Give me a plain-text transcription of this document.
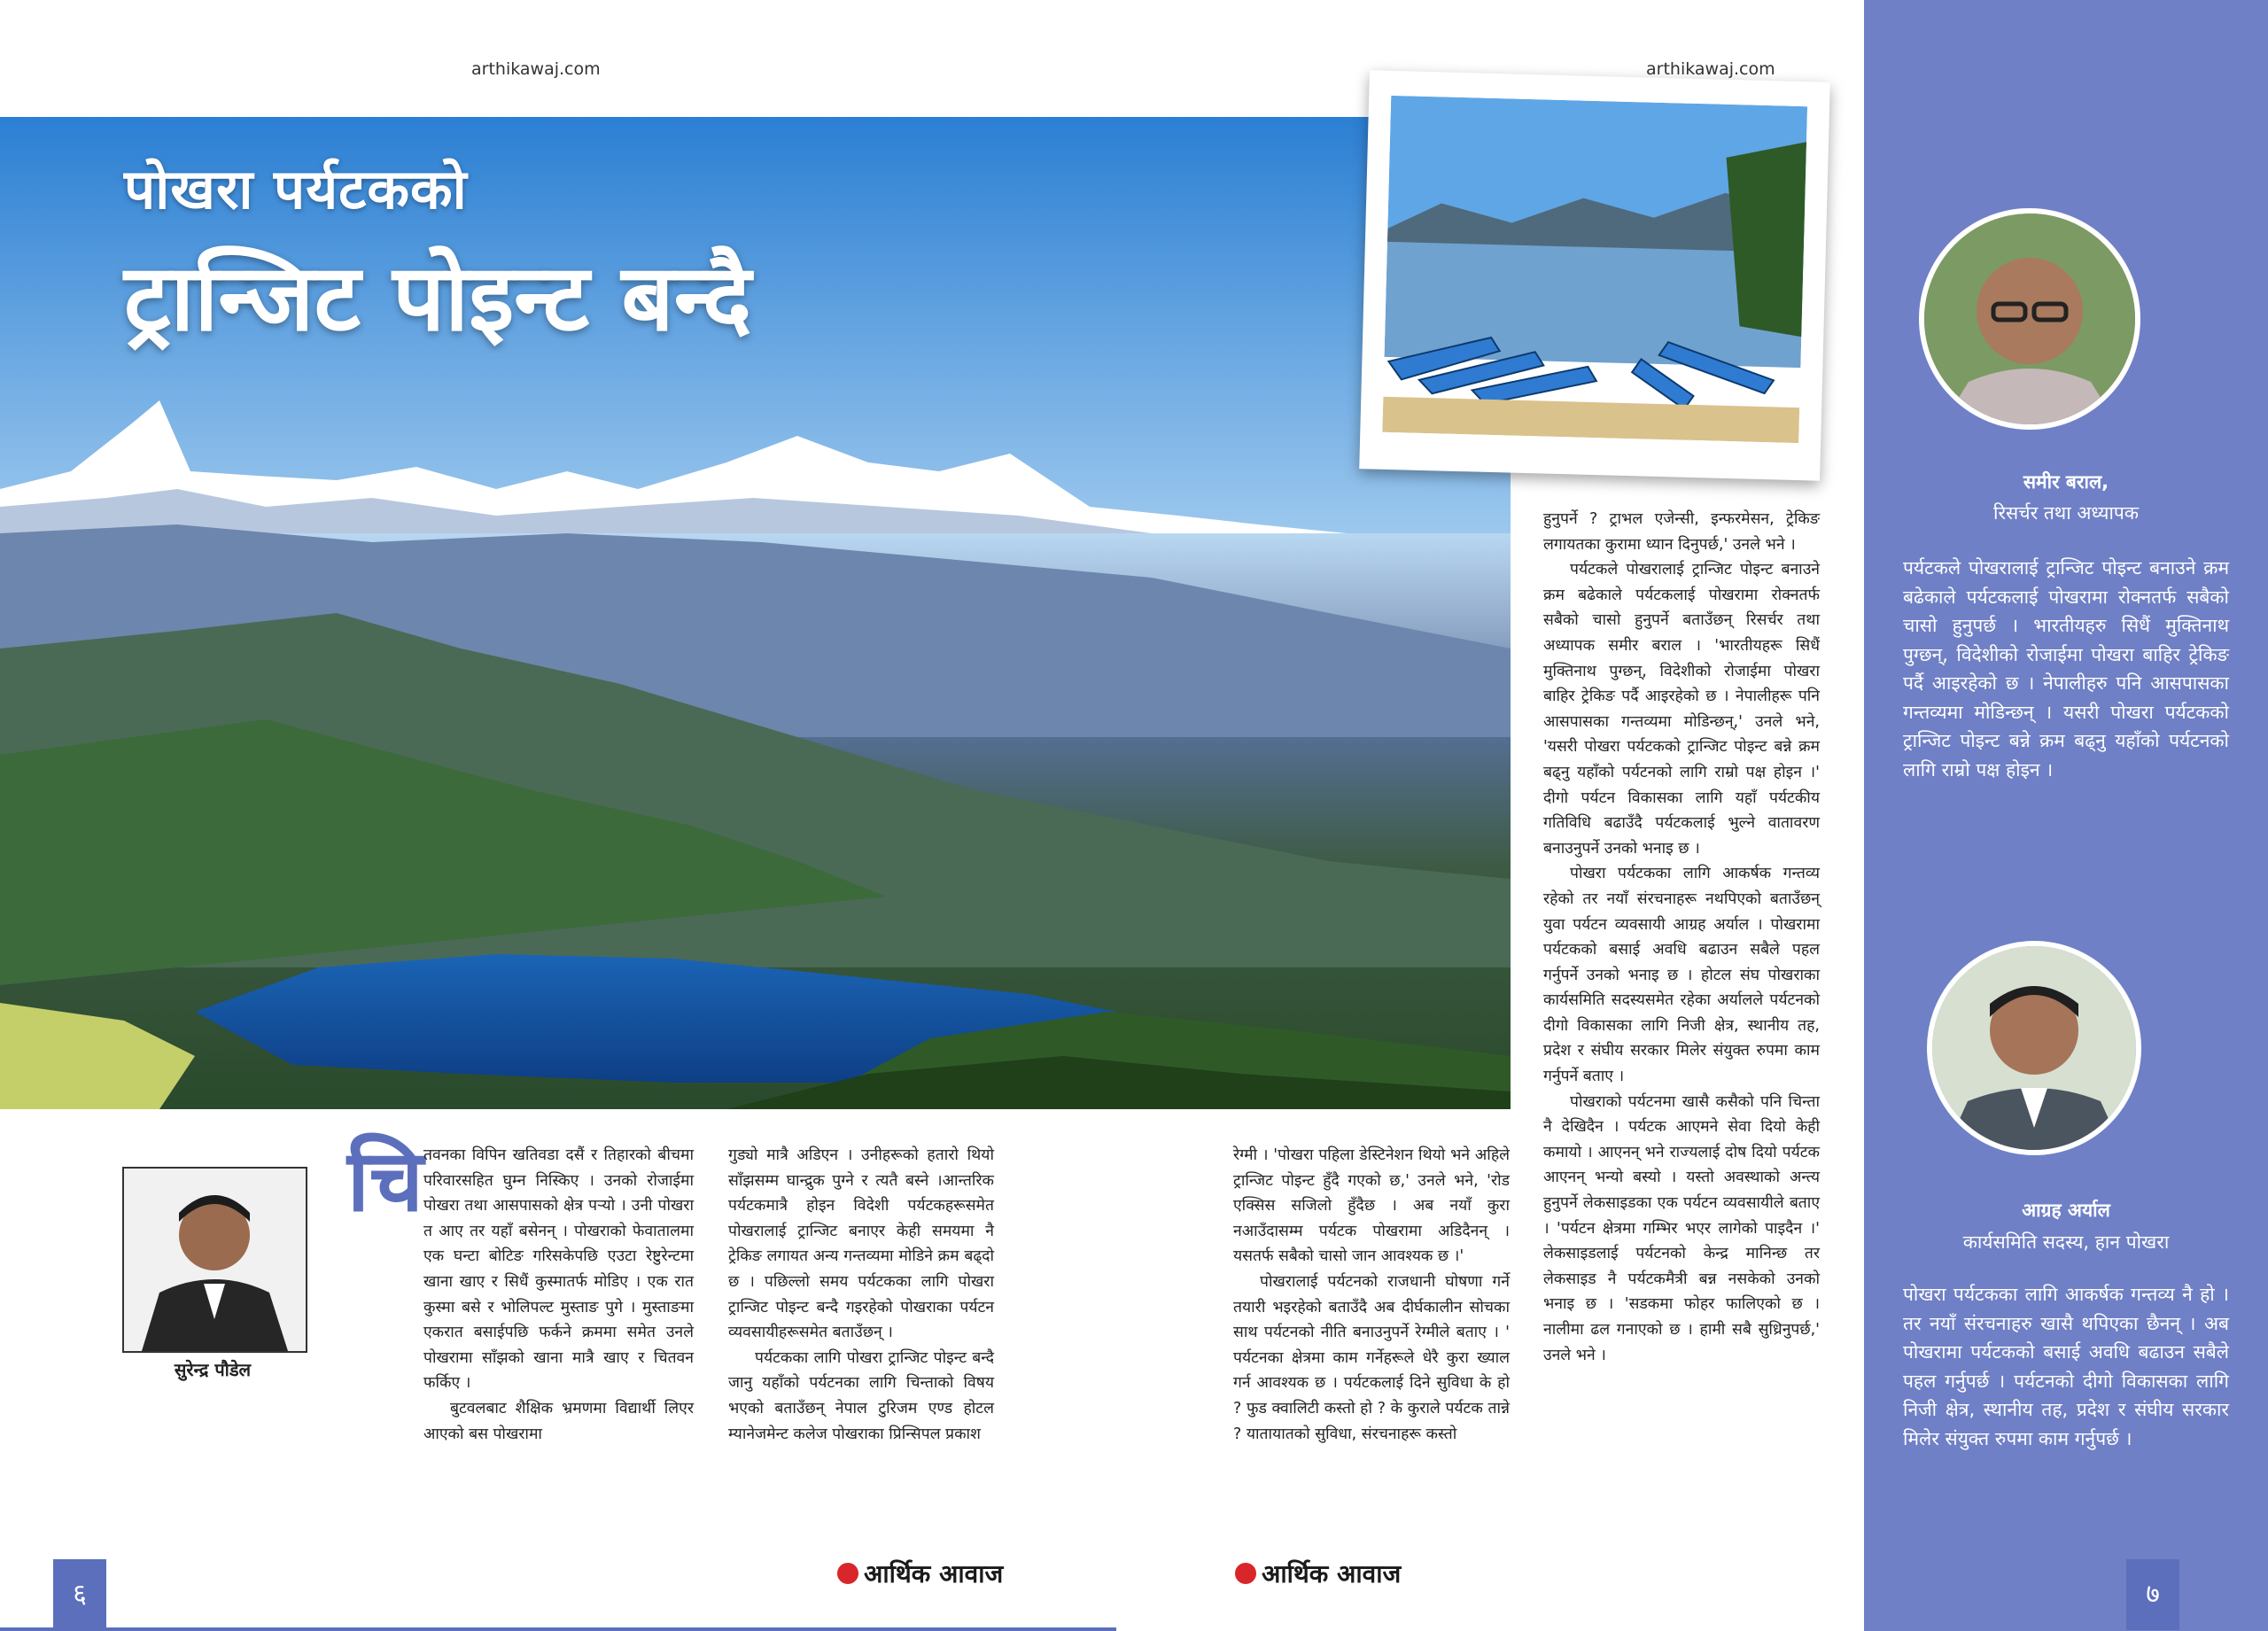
arthikawaj.com	arthikawaj.com
पोखरा पर्यटकको
ट्रान्जिट पोइन्ट बन्दै
सुरेन्द्र पौडेल
चि तवनका विपिन खतिवडा दसैं र तिहारको बीचमा परिवारसहित घुम्न निस्किए । उनको रोजाईमा पोखरा तथा आसपासको क्षेत्र पर्‍यो । उनी पोखरा त आए तर यहाँ बसेनन् । पोखराको फेवातालमा एक घन्टा बोटिङ गरिसकेपछि एउटा रेष्टुरेन्टमा खाना खाए र सिधैं कुस्मातर्फ मोडिए । एक रात कुस्मा बसे र भोलिपल्ट मुस्ताङ पुगे । मुस्ताङमा एकरात बसाईपछि फर्कने क्रममा समेत उनले पोखरामा साँझको खाना मात्रै खाए र चितवन फर्किए ।

बुटवलबाट शैक्षिक भ्रमणमा विद्यार्थी लिएर आएको बस पोखरामा

गुड्यो मात्रै अडिएन । उनीहरूको हतारो थियो साँझसम्म घान्द्रुक पुग्ने र त्यतै बस्ने ।आन्तरिक पर्यटकमात्रै होइन विदेशी पर्यटकहरूसमेत पोखरालाई ट्रान्जिट बनाएर केही समयमा नै ट्रेकिङ लगायत अन्य गन्तव्यमा मोडिने क्रम बढ्दो छ । पछिल्लो समय पर्यटकका लागि पोखरा ट्रान्जिट पोइन्ट बन्दै गइरहेको पोखराका पर्यटन व्यवसायीहरूसमेत बताउँछन् ।

पर्यटकका लागि पोखरा ट्रान्जिट पोइन्ट बन्दै जानु यहाँको पर्यटनका लागि चिन्ताको विषय भएको बताउँछन् नेपाल टुरिजम एण्ड होटल म्यानेजमेन्ट कलेज पोखराका प्रिन्सिपल प्रकाश

रेग्मी । 'पोखरा पहिला डेस्टिनेशन थियो भने अहिले ट्रान्जिट पोइन्ट हुँदै गएको छ,' उनले भने, 'रोड एक्सिस सजिलो हुँदैछ । अब नयाँ कुरा नआउँदासम्म पर्यटक पोखरामा अडिदैनन् । यसतर्फ सबैको चासो जान आवश्यक छ ।'

पोखरालाई पर्यटनको राजधानी घोषणा गर्ने तयारी भइरहेको बताउँदै अब दीर्घकालीन सोचका साथ पर्यटनको नीति बनाउनुपर्ने रेग्मीले बताए । ' पर्यटनका क्षेत्रमा काम गर्नेहरूले धेरै कुरा ख्याल गर्न आवश्यक छ । पर्यटकलाई दिने सुविधा के हो ? फुड क्वालिटी कस्तो हो ? के कुराले पर्यटक तान्ने ? यातायातको सुविधा, संरचनाहरू कस्तो

हुनुपर्ने ? ट्राभल एजेन्सी, इन्फरमेसन, ट्रेकिङ लगायतका कुरामा ध्यान दिनुपर्छ,' उनले भने ।

पर्यटकले पोखरालाई ट्रान्जिट पोइन्ट बनाउने क्रम बढेकाले पर्यटकलाई पोखरामा रोक्नतर्फ सबैको चासो हुनुपर्ने बताउँछन् रिसर्चर तथा अध्यापक समीर बराल । 'भारतीयहरू सिधैं मुक्तिनाथ पुग्छन्, विदेशीको रोजाईमा पोखरा बाहिर ट्रेकिङ पर्दै आइरहेको छ । नेपालीहरू पनि आसपासका गन्तव्यमा मोडिन्छन्,' उनले भने, 'यसरी पोखरा पर्यटकको ट्रान्जिट पोइन्ट बन्ने क्रम बढ्नु यहाँको पर्यटनको लागि राम्रो पक्ष होइन ।' दीगो पर्यटन विकासका लागि यहाँ पर्यटकीय गतिविधि बढाउँदै पर्यटकलाई भुल्ने वातावरण बनाउनुपर्ने उनको भनाइ छ ।

पोखरा पर्यटकका लागि आकर्षक गन्तव्य रहेको तर नयाँ संरचनाहरू नथपिएको बताउँछन् युवा पर्यटन व्यवसायी आग्रह अर्याल । पोखरामा पर्यटकको बसाई अवधि बढाउन सबैले पहल गर्नुपर्ने उनको भनाइ छ । होटल संघ पोखराका कार्यसमिति सदस्यसमेत रहेका अर्यालले पर्यटनको दीगो विकासका लागि निजी क्षेत्र, स्थानीय तह, प्रदेश र संघीय सरकार मिलेर संयुक्त रुपमा काम गर्नुपर्ने बताए ।

पोखराको पर्यटनमा खासै कसैको पनि चिन्ता नै देखिदैन । पर्यटक आएमने सेवा दियो केही कमायो । आएनन् भने राज्यलाई दोष दियो पर्यटक आएनन् भन्यो बस्यो । यस्तो अवस्थाको अन्त्य हुनुपर्ने लेकसाइडका एक पर्यटन व्यवसायीले बताए । 'पर्यटन क्षेत्रमा गम्भिर भएर लागेको पाइदैन ।' लेकसाइडलाई पर्यटनको केन्द्र मानिन्छ तर लेकसाइड नै पर्यटकमैत्री बन्न नसकेको उनको भनाइ छ । 'सडकमा फोहर फालिएको छ । नालीमा ढल गनाएको छ । हामी सबै सुध्रिनुपर्छ,' उनले भने ।

समीर बराल,
रिसर्चर तथा अध्यापक
पर्यटकले पोखरालाई ट्रान्जिट पोइन्ट बनाउने क्रम बढेकाले पर्यटकलाई पोखरामा रोक्नतर्फ सबैको चासो हुनुपर्छ । भारतीयहरु सिधैं मुक्तिनाथ पुग्छन्, विदेशीको रोजाईमा पोखरा बाहिर ट्रेकिङ पर्दै आइरहेको छ । नेपालीहरु पनि आसपासका गन्तव्यमा मोडिन्छन् । यसरी पोखरा पर्यटकको ट्रान्जिट पोइन्ट बन्ने क्रम बढ्नु यहाँको पर्यटनको लागि राम्रो पक्ष होइन ।
आग्रह अर्याल
कार्यसमिति सदस्य, हान पोखरा
पोखरा पर्यटकका लागि आकर्षक गन्तव्य नै हो । तर नयाँ संरचनाहरु खासै थपिएका छैनन् । अब पोखरामा पर्यटकको बसाई अवधि बढाउन सबैले पहल गर्नुपर्छ । पर्यटनको दीगो विकासका लागि निजी क्षेत्र, स्थानीय तह, प्रदेश र संघीय सरकार मिलेर संयुक्त रुपमा काम गर्नुपर्छ ।
६
आर्थिक आवाज	आर्थिक आवाज
७
